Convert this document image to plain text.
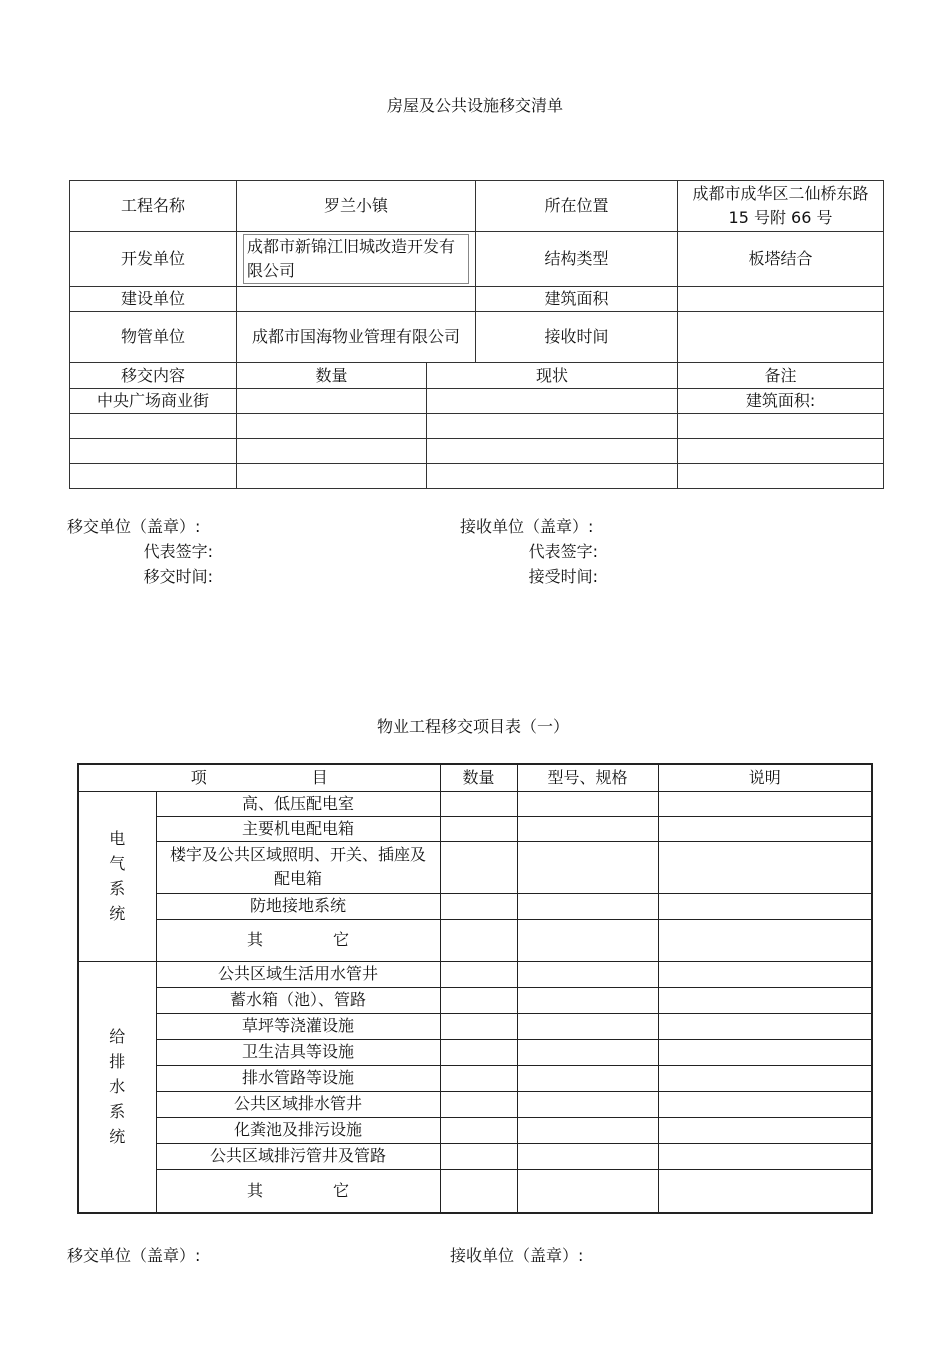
房屋及公共设施移交清单
工程名称	罗兰小镇		所在位置	成都市成华区二仙桥东路 15 号附 66 号
开发单位	成都市新锦江旧城改造开发有限公司		结构类型	板塔结合
建设单位			建筑面积	
物管单位	成都市国海物业管理有限公司		接收时间	
移交内容	数量	现状		备注
中央广场商业街				建筑面积:

移交单位（盖章）:
代表签字:
移交时间:
接收单位（盖章）:
代表签字:
接受时间:
物业工程移交项目表（一）
项 目		数量	型号、规格	说明

电
气
系
统	高、低压配电室			
	主要机电配电箱			
	楼宇及公共区域照明、开关、插座及配电箱			
	防地接地系统			
	其 它			

给
排
水
系
统	公共区域生活用水管井			
	蓄水箱（池）、管路			
	草坪等浇灌设施			
	卫生洁具等设施			
	排水管路等设施			
	公共区域排水管井			
	化粪池及排污设施			
	公共区域排污管井及管路			
	其 它			
移交单位（盖章）:	接收单位（盖章）:
